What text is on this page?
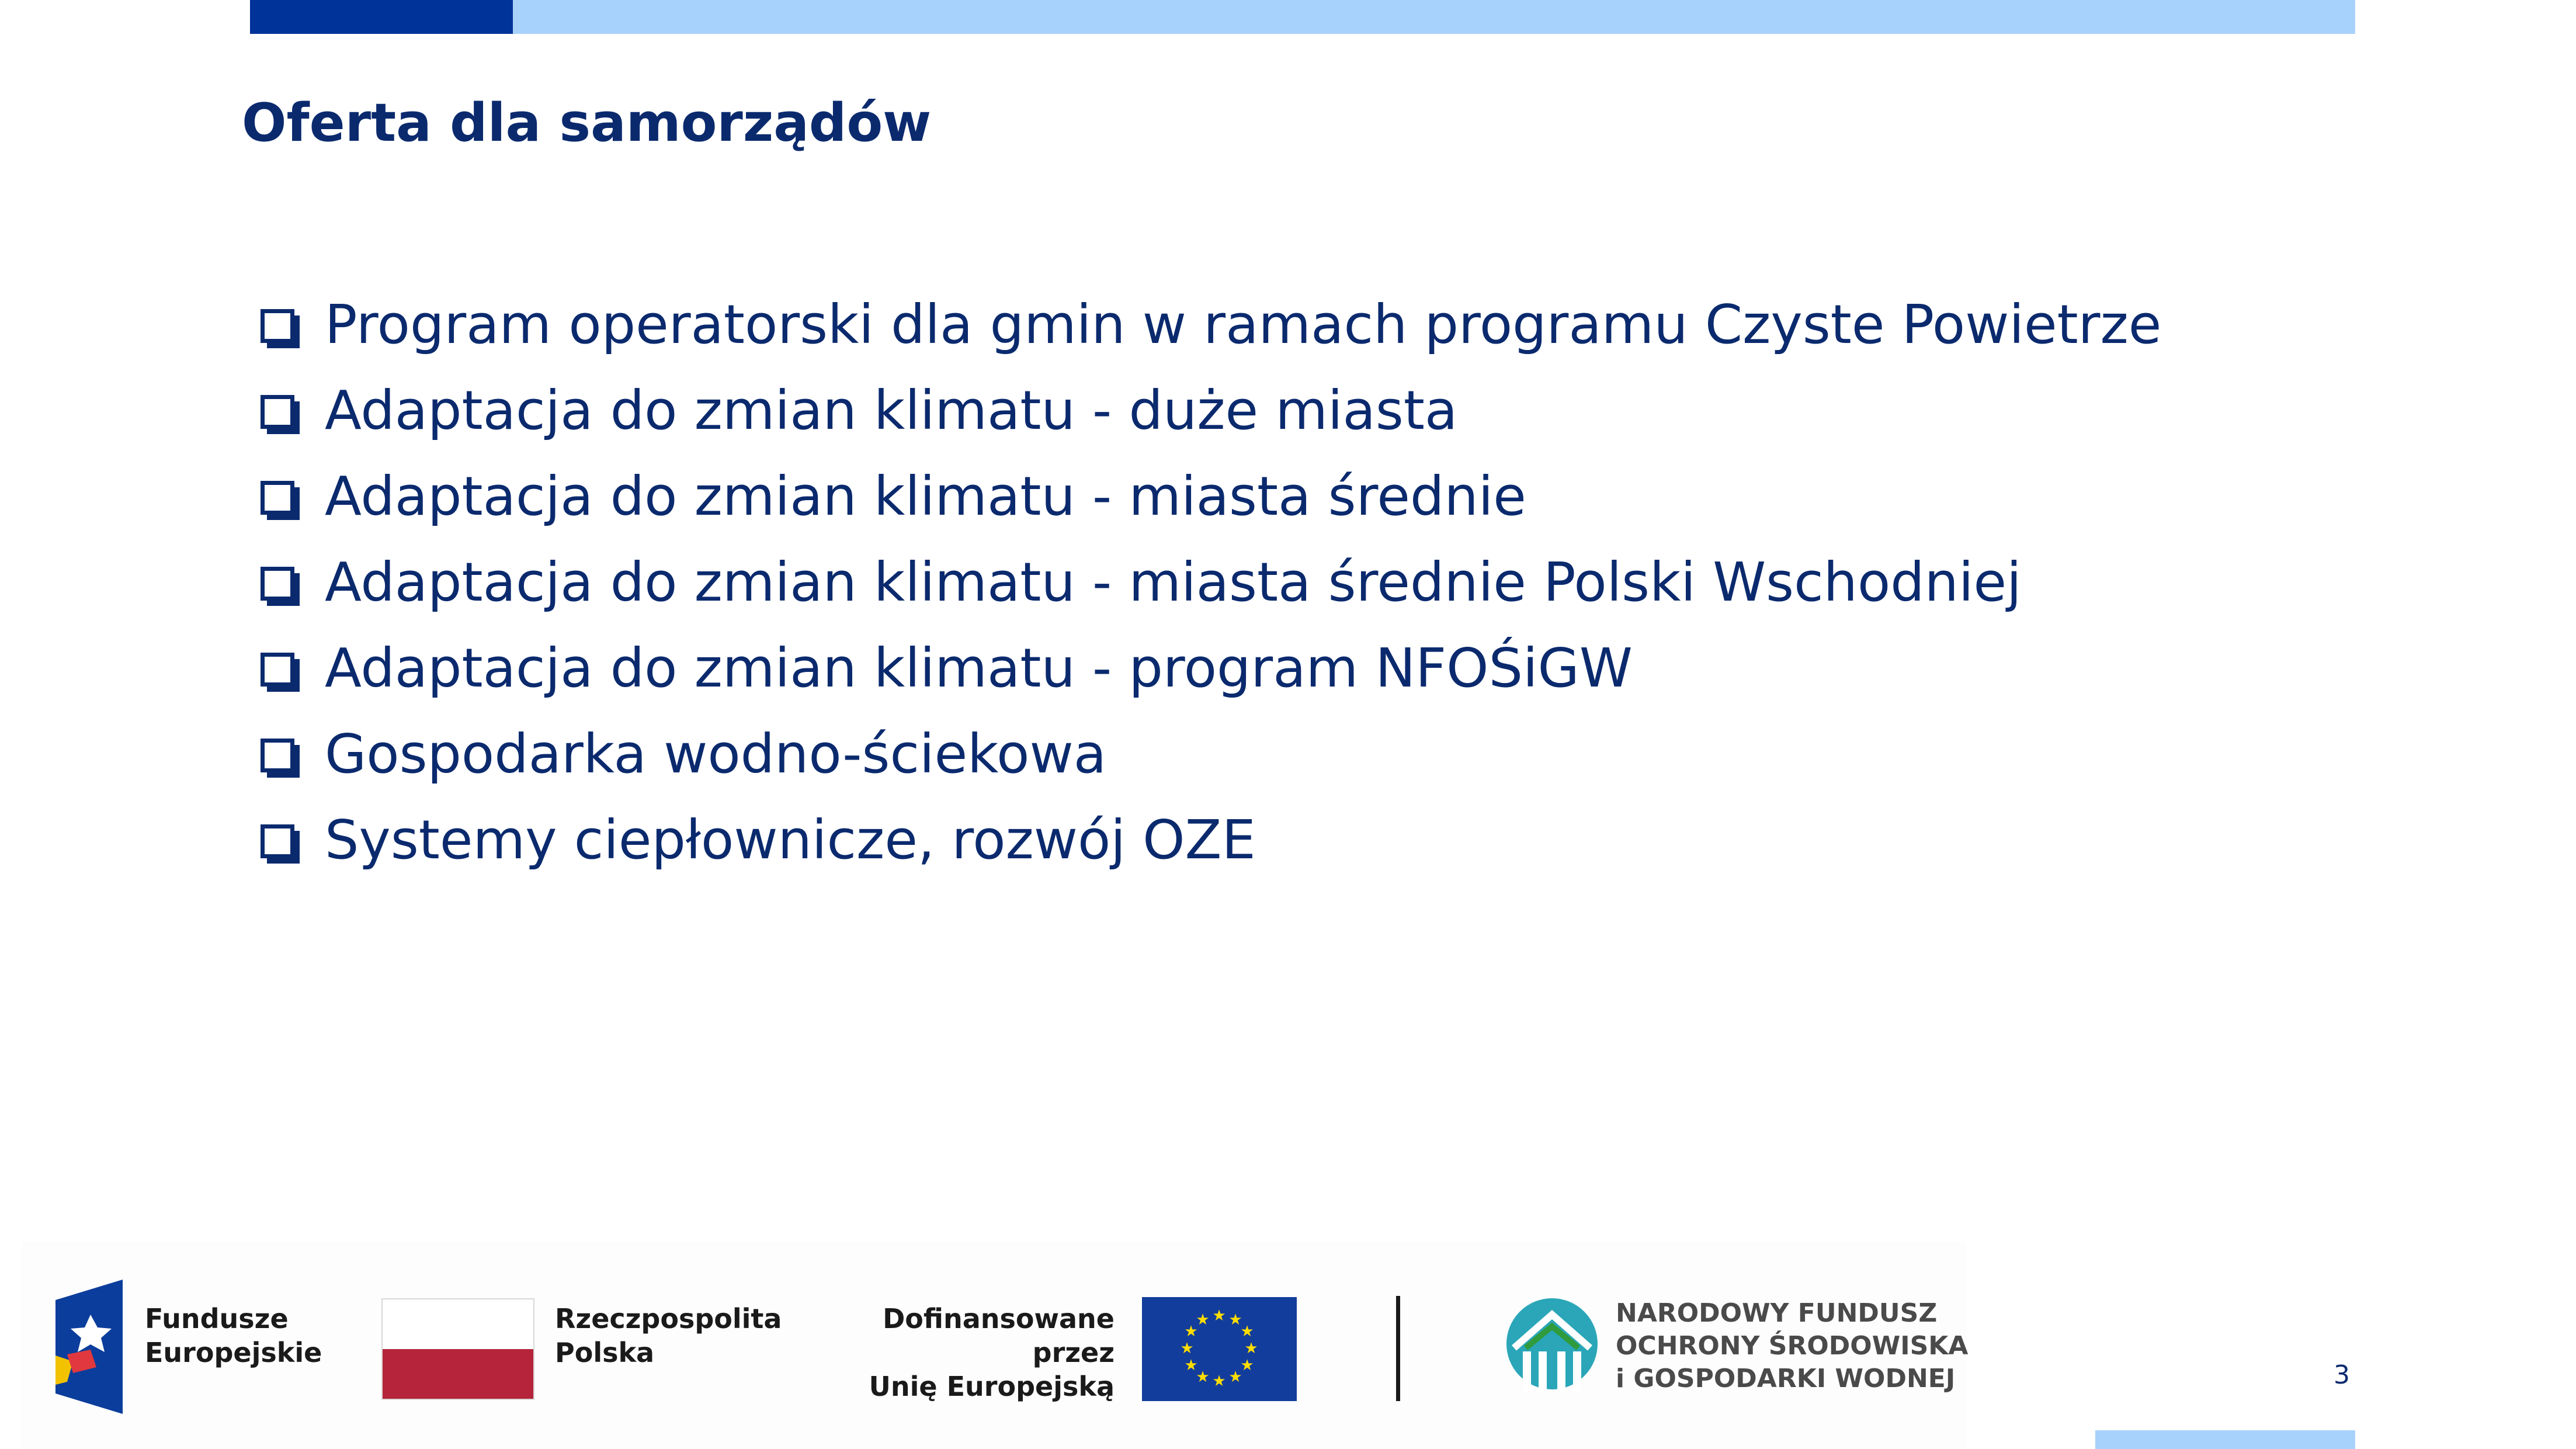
Oferta dla samorządów
Program operatorski dla gmin w ramach programu Czyste Powietrze
Adaptacja do zmian klimatu - duże miasta
Adaptacja do zmian klimatu - miasta średnie
Adaptacja do zmian klimatu - miasta średnie Polski Wschodniej
Adaptacja do zmian klimatu - program NFOŚiGW
Gospodarka wodno-ściekowa
Systemy ciepłownicze, rozwój OZE
Fundusze
Europejskie
Rzeczpospolita
Polska
Dofinansowane przez
Unię Europejską
★ ★
★
★
★
★
★
★
★
★
★
★	NARODOWY FUNDUSZ
OCHRONY ŚRODOWISKA
i GOSPODARKI WODNEJ	3
